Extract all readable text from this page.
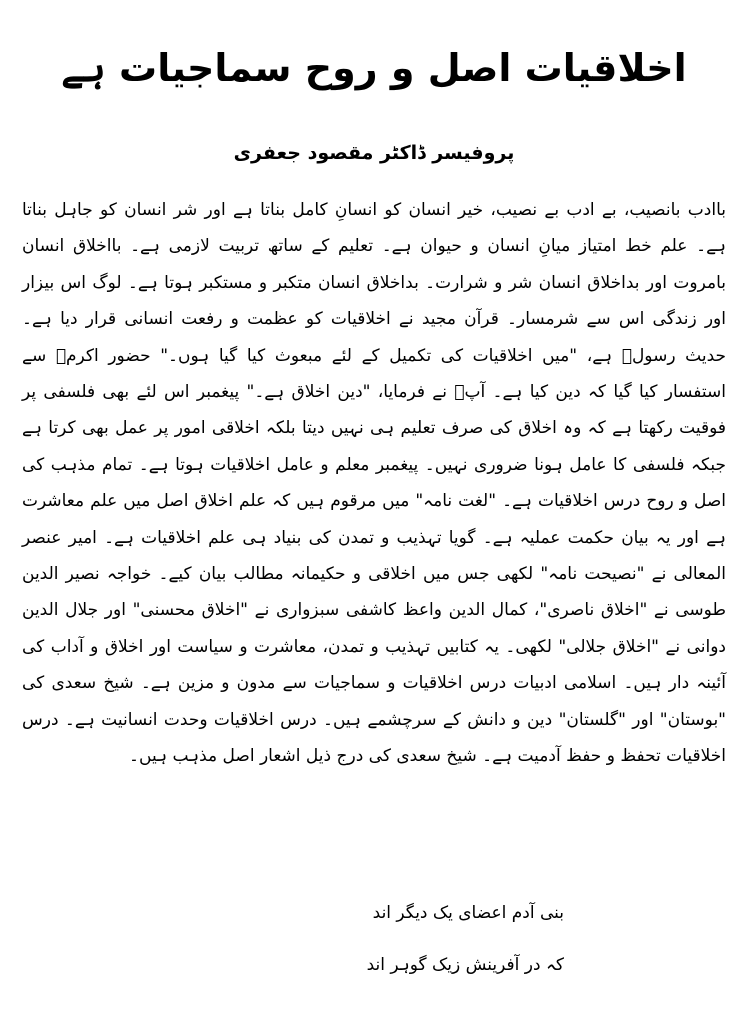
اخلاقیات اصل و روح سماجیات ہے

پروفیسر ڈاکٹر مقصود جعفری

باادب بانصیب، بے ادب بے نصیب، خیر انسان کو انسانِ کامل بناتا ہے اور شر انسان کو جاہل بناتا ہے۔ علم خط امتیاز میانِ انسان و حیوان ہے۔ تعلیم کے ساتھ تربیت لازمی ہے۔ بااخلاق انسان بامروت اور بداخلاق انسان شر و شرارت۔ بداخلاق انسان متکبر و مستکبر ہوتا ہے۔ لوگ اس بیزار اور زندگی اس سے شرمسار۔ قرآن مجید نے اخلاقیات کو عظمت و رفعت انسانی قرار دیا ہے۔ حدیث رسولؐ ہے، "میں اخلاقیات کی تکمیل کے لئے مبعوث کیا گیا ہوں۔" حضور اکرمؐ سے استفسار کیا گیا کہ دین کیا ہے۔ آپؐ نے فرمایا، "دین اخلاق ہے۔" پیغمبر اس لئے بھی فلسفی پر فوقیت رکھتا ہے کہ وہ اخلاق کی صرف تعلیم ہی نہیں دیتا بلکہ اخلاقی امور پر عمل بھی کرتا ہے جبکہ فلسفی کا عامل ہونا ضروری نہیں۔ پیغمبر معلم و عامل اخلاقیات ہوتا ہے۔ تمام مذہب کی اصل و روح درس اخلاقیات ہے۔ "لغت نامہ" میں مرقوم ہیں کہ علم اخلاق اصل میں علم معاشرت ہے اور یہ بیان حکمت عملیہ ہے۔ گویا تہذیب و تمدن کی بنیاد ہی علم اخلاقیات ہے۔ امیر عنصر المعالی نے "نصیحت نامہ" لکھی جس میں اخلاقی و حکیمانہ مطالب بیان کیے۔ خواجہ نصیر الدین طوسی نے "اخلاق ناصری"، کمال الدین واعظ کاشفی سبزواری نے "اخلاق محسنی" اور جلال الدین دوانی نے "اخلاق جلالی" لکھی۔ یہ کتابیں تہذیب و تمدن، معاشرت و سیاست اور اخلاق و آداب کی آئینہ دار ہیں۔ اسلامی ادبیات درس اخلاقیات و سماجیات سے مدون و مزین ہے۔ شیخ سعدی کی "بوستان" اور "گلستان" دین و دانش کے سرچشمے ہیں۔ درس اخلاقیات وحدت انسانیت ہے۔ درس اخلاقیات تحفظ و حفظ آدمیت ہے۔ شیخ سعدی کی درج ذیل اشعار اصل مذہب ہیں۔

بنی آدم اعضای یک دیگر اند

کہ در آفرینش زیک گوہر اند
